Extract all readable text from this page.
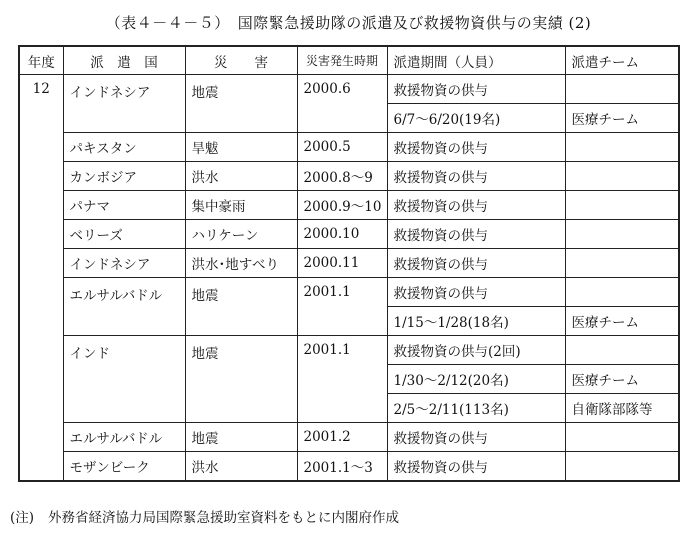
（表４－４－５）　国際緊急援助隊の派遣及び救援物資供与の実績 (2)
年度	派　遣　国	災　　害	災害発生時期	派遣期間（人員）	派遣チーム
12	インドネシア	地震	2000.6	救援物資の供与	
				6/7～6/20(19名)	医療チーム
	パキスタン	旱魃	2000.5	救援物資の供与	
	カンボジア	洪水	2000.8～9	救援物資の供与	
	パナマ	集中豪雨	2000.9～10	救援物資の供与	
	ベリーズ	ハリケーン	2000.10	救援物資の供与	
	インドネシア	洪水･地すべり	2000.11	救援物資の供与	
	エルサルバドル	地震	2001.1	救援物資の供与	
				1/15～1/28(18名)	医療チーム
	インド	地震	2001.1	救援物資の供与(2回)	
				1/30～2/12(20名)	医療チーム
				2/5～2/11(113名)	自衛隊部隊等
	エルサルバドル	地震	2001.2	救援物資の供与	
	モザンビーク	洪水	2001.1～3	救援物資の供与	
(注) 外務省経済協力局国際緊急援助室資料をもとに内閣府作成
